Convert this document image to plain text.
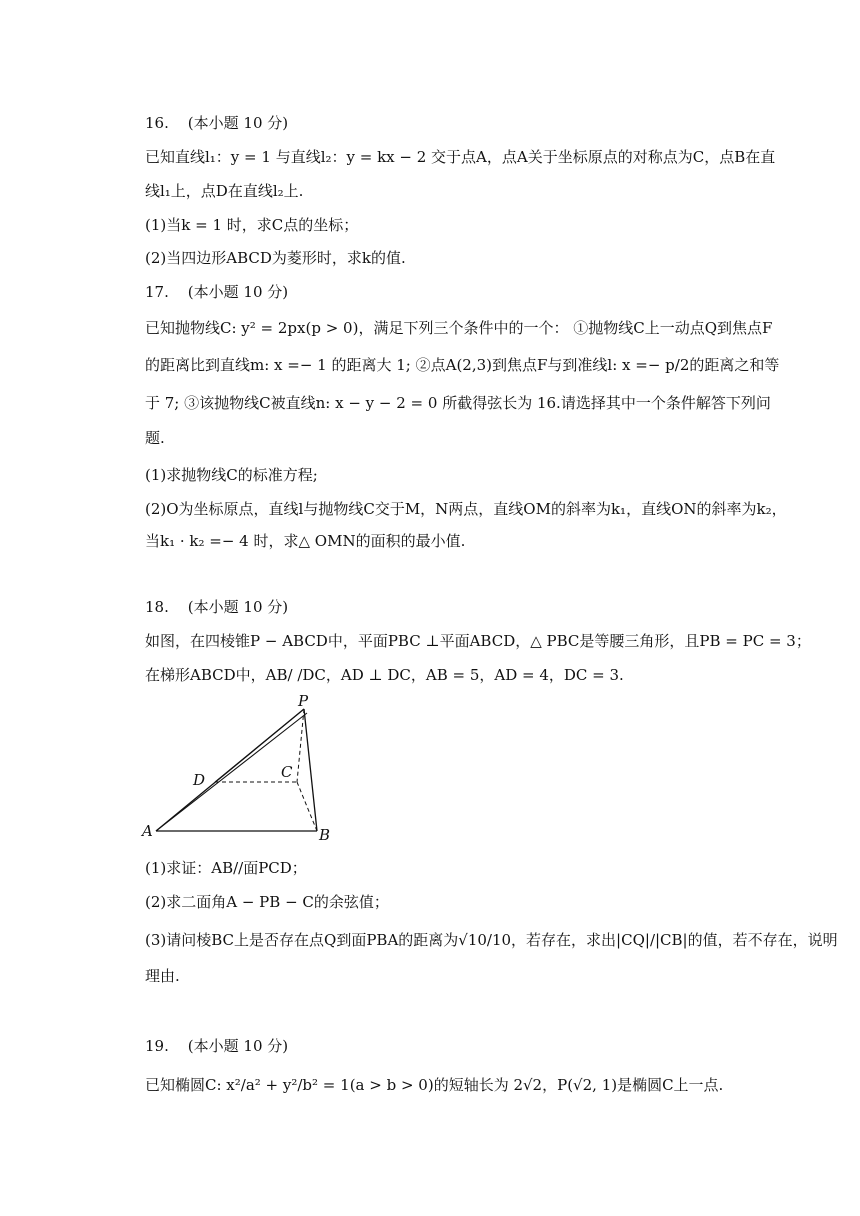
16. (本小题 10 分)
已知直线l₁：y = 1 与直线l₂：y = kx − 2 交于点A，点A关于坐标原点的对称点为C，点B在直
线l₁上，点D在直线l₂上.
(1)当k = 1 时，求C点的坐标；
(2)当四边形ABCD为菱形时，求k的值.
17. (本小题 10 分)
已知抛物线C: y² = 2px(p > 0)，满足下列三个条件中的一个： ①抛物线C上一动点Q到焦点F
的距离比到直线m: x =− 1 的距离大 1; ②点A(2,3)到焦点F与到准线l: x =− p/2的距离之和等
于 7; ③该抛物线C被直线n: x − y − 2 = 0 所截得弦长为 16.请选择其中一个条件解答下列问
题.
(1)求抛物线C的标准方程;
(2)O为坐标原点，直线l与抛物线C交于M，N两点，直线OM的斜率为k₁，直线ON的斜率为k₂，
当k₁ · k₂ =− 4 时，求△ OMN的面积的最小值.
18. (本小题 10 分)
如图，在四棱锥P − ABCD中，平面PBC ⊥平面ABCD，△ PBC是等腰三角形，且PB = PC = 3；
在梯形ABCD中，AB/ /DC，AD ⊥ DC，AB = 5，AD = 4，DC = 3.
P
D	C
A	B
(1)求证：AB//面PCD；
(2)求二面角A − PB − C的余弦值；
(3)请问棱BC上是否存在点Q到面PBA的距离为√10/10，若存在，求出|CQ|/|CB|的值，若不存在，说明
理由.
19. (本小题 10 分)
已知椭圆C: x²/a² + y²/b² = 1(a > b > 0)的短轴长为 2√2，P(√2, 1)是椭圆C上一点.
